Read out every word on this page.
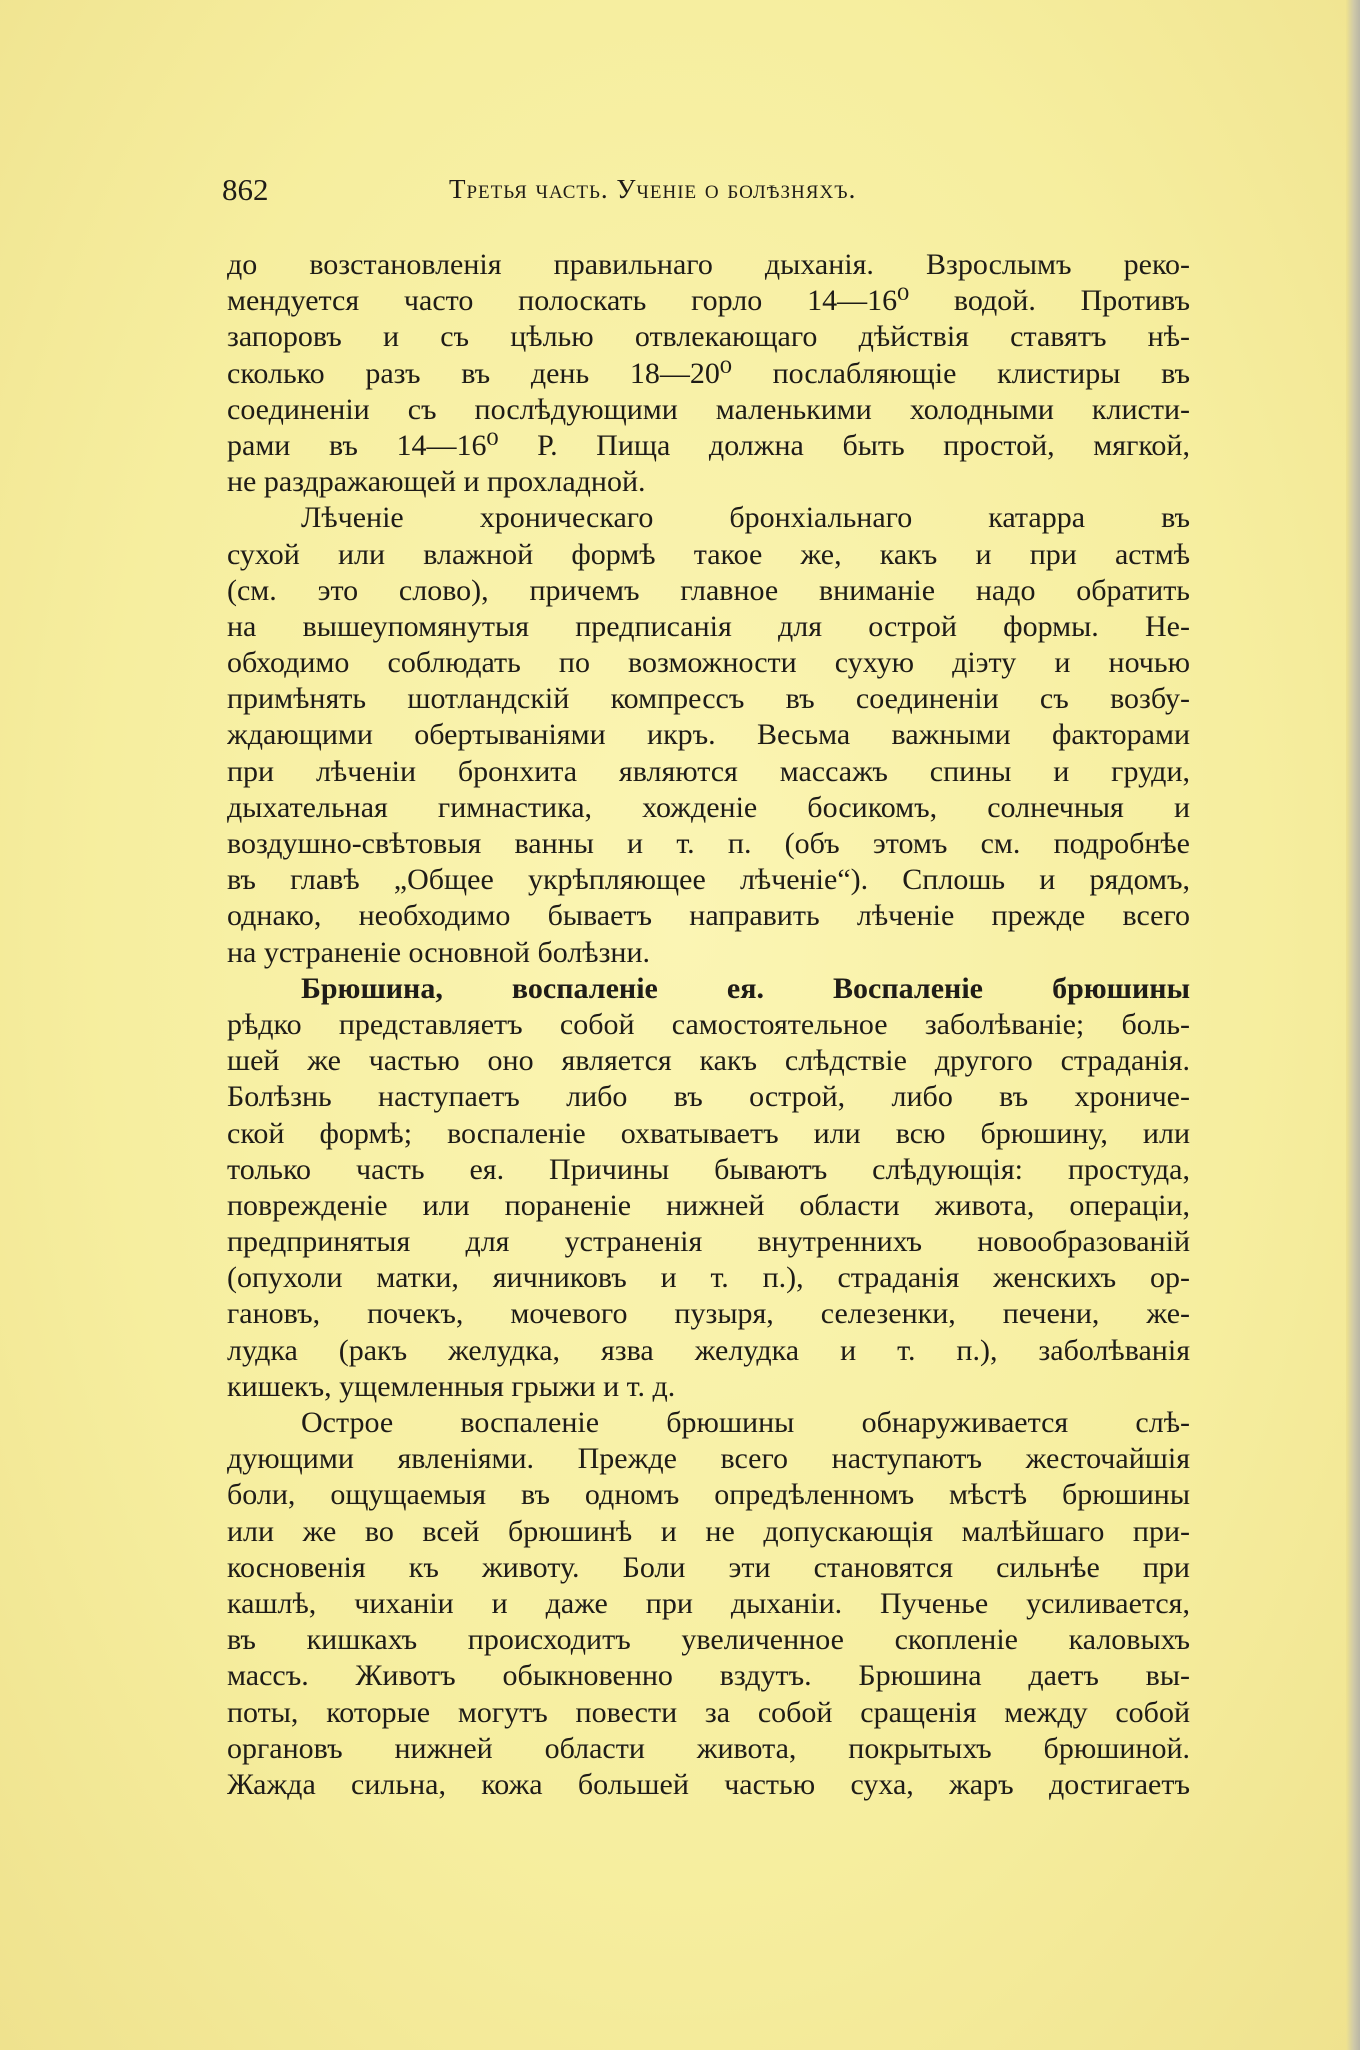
862	Третья часть. Ученіе о болѣзняхъ.
до возстановленія правильнаго дыханія. Взрослымъ реко-
мендуется часто полоскать горло 14—16⁰ водой. Противъ
запоровъ и съ цѣлью отвлекающаго дѣйствія ставятъ нѣ-
сколько разъ въ день 18—20⁰ послабляющіе клистиры въ
соединеніи съ послѣдующими маленькими холодными клисти-
рами въ 14—16⁰ Р. Пища должна быть простой, мягкой,
не раздражающей и прохладной.
Лѣченіе хроническаго бронхіальнаго катарра въ
сухой или влажной формѣ такое же, какъ и при астмѣ
(см. это слово), причемъ главное вниманіе надо обратить
на вышеупомянутыя предписанія для острой формы. Не-
обходимо соблюдать по возможности сухую діэту и ночью
примѣнять шотландскій компрессъ въ соединеніи съ возбу-
ждающими обертываніями икръ. Весьма важными факторами
при лѣченіи бронхита являются массажъ спины и груди,
дыхательная гимнастика, хожденіе босикомъ, солнечныя и
воздушно-свѣтовыя ванны и т. п. (объ этомъ см. подробнѣе
въ главѣ „Общее укрѣпляющее лѣченіе“). Сплошь и рядомъ,
однако, необходимо бываетъ направить лѣченіе прежде всего
на устраненіе основной болѣзни.
Брюшина, воспаленіе ея. Воспаленіе брюшины
рѣдко представляетъ собой самостоятельное заболѣваніе; боль-
шей же частью оно является какъ слѣдствіе другого страданія.
Болѣзнь наступаетъ либо въ острой, либо въ хрониче-
ской формѣ; воспаленіе охватываетъ или всю брюшину, или
только часть ея. Причины бываютъ слѣдующія: простуда,
поврежденіе или пораненіе нижней области живота, операціи,
предпринятыя для устраненія внутреннихъ новообразованій
(опухоли матки, яичниковъ и т. п.), страданія женскихъ ор-
гановъ, почекъ, мочевого пузыря, селезенки, печени, же-
лудка (ракъ желудка, язва желудка и т. п.), заболѣванія
кишекъ, ущемленныя грыжи и т. д.
Острое воспаленіе брюшины обнаруживается слѣ-
дующими явленіями. Прежде всего наступаютъ жесточайшія
боли, ощущаемыя въ одномъ опредѣленномъ мѣстѣ брюшины
или же во всей брюшинѣ и не допускающія малѣйшаго при-
косновенія къ животу. Боли эти становятся сильнѣе при
кашлѣ, чиханіи и даже при дыханіи. Пученье усиливается,
въ кишкахъ происходитъ увеличенное скопленіе каловыхъ
массъ. Животъ обыкновенно вздутъ. Брюшина даетъ вы-
поты, которые могутъ повести за собой сращенія между собой
органовъ нижней области живота, покрытыхъ брюшиной.
Жажда сильна, кожа большей частью суха, жаръ достигаетъ
